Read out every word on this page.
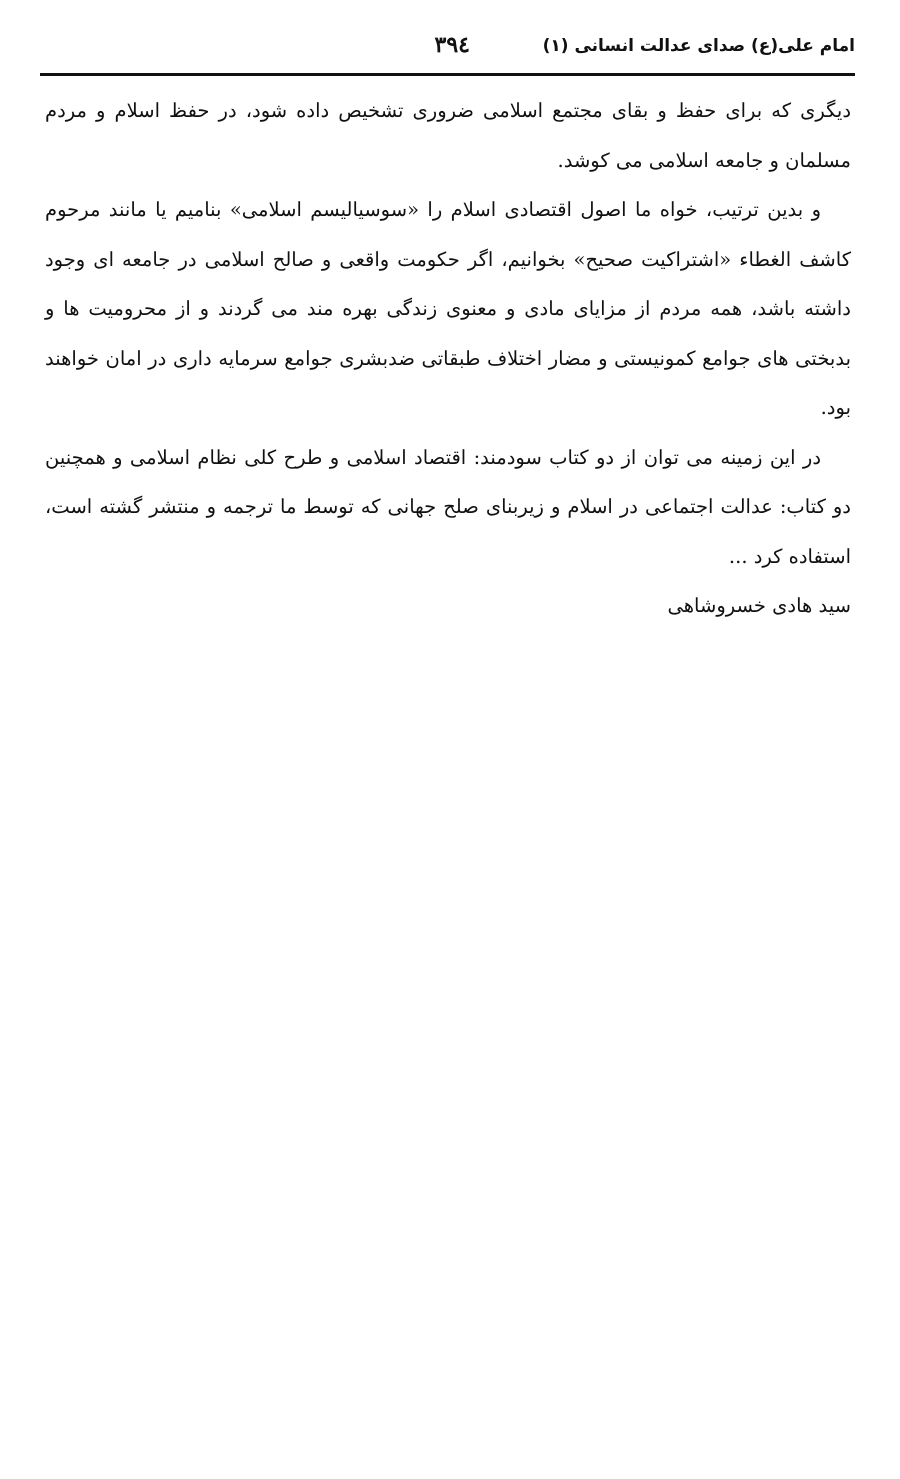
امام علی(ع) صدای عدالت انسانی (۱)
۳۹٤

دیگری که برای حفظ و بقای مجتمع اسلامی ضروری تشخیص داده شود، در حفظ اسلام و مردم مسلمان و جامعه اسلامی می کوشد.

و بدین ترتیب، خواه ما اصول اقتصادی اسلام را «سوسیالیسم اسلامی» بنامیم یا مانند مرحوم کاشف الغطاء «اشتراکیت صحیح» بخوانیم، اگر حکومت واقعی و صالح اسلامی در جامعه ای وجود داشته باشد، همه مردم از مزایای مادی و معنوی زندگی بهره مند می گردند و از محرومیت ها و بدبختی های جوامع کمونیستی و مضار اختلاف طبقاتی ضدبشری جوامع سرمایه داری در امان خواهند بود.

در این زمینه می توان از دو کتاب سودمند: اقتصاد اسلامی و طرح کلی نظام اسلامی و همچنین دو کتاب: عدالت اجتماعی در اسلام و زیربنای صلح جهانی که توسط ما ترجمه و منتشر گشته است، استفاده کرد ...

سید هادی خسروشاهی
